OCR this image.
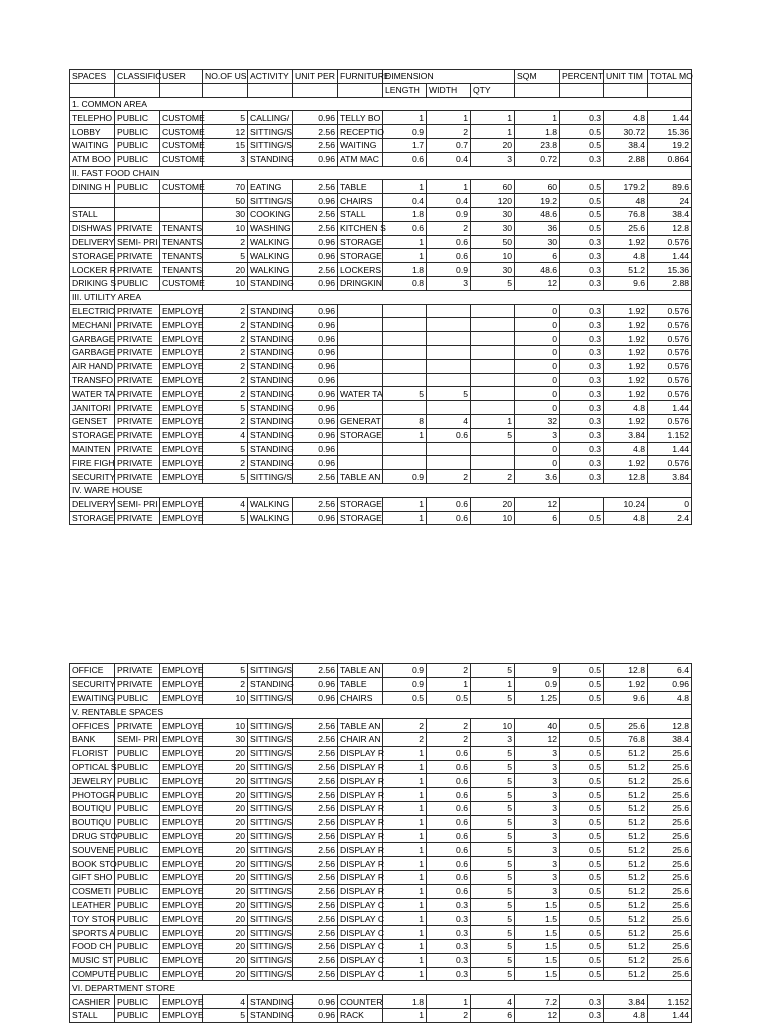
SPACES	CLASSIFIC	USER	NO.OF US	ACTIVITY	UNIT PER	FURNITURE	DIMENSION			SQM	PERCENT	UNIT TIM	TOTAL MO
							LENGTH	WIDTH	QTY				
1. COMMON AREA													
TELEPHO	PUBLIC	CUSTOME	5	CALLING/	0.96	TELLY BO	1	1	1	1	0.3	4.8	1.44
LOBBY	PUBLIC	CUSTOME	12	SITTING/S	2.56	RECEPTIO	0.9	2	1	1.8	0.5	30.72	15.36
WAITING	PUBLIC	CUSTOME	15	SITTING/S	2.56	WAITING	1.7	0.7	20	23.8	0.5	38.4	19.2
ATM BOO	PUBLIC	CUSTOME	3	STANDING	0.96	ATM MAC	0.6	0.4	3	0.72	0.3	2.88	0.864
II. FAST FOOD CHAIN													
DINING H	PUBLIC	CUSTOME	70	EATING	2.56	TABLE	1	1	60	60	0.5	179.2	89.6
			50	SITTING/S	0.96	CHAIRS	0.4	0.4	120	19.2	0.5	48	24
STALL			30	COOKING	2.56	STALL	1.8	0.9	30	48.6	0.5	76.8	38.4
DISHWAS	PRIVATE	TENANTS	10	WASHING	2.56	KITCHEN S	0.6	2	30	36	0.5	25.6	12.8
DELIVERY	SEMI- PRI	TENANTS	2	WALKING	0.96	STORAGE	1	0.6	50	30	0.3	1.92	0.576
STORAGE	PRIVATE	TENANTS	5	WALKING	0.96	STORAGE	1	0.6	10	6	0.3	4.8	1.44
LOCKER R	PRIVATE	TENANTS	20	WALKING	2.56	LOCKERS	1.8	0.9	30	48.6	0.3	51.2	15.36
DRIKING S	PUBLIC	CUSTOME	10	STANDING	0.96	DRINGKIN	0.8	3	5	12	0.3	9.6	2.88
III. UTILITY AREA													
ELECTRIC	PRIVATE	EMPLOYE	2	STANDING	0.96					0	0.3	1.92	0.576
MECHANI	PRIVATE	EMPLOYE	2	STANDING	0.96					0	0.3	1.92	0.576
GARBAGE	PRIVATE	EMPLOYE	2	STANDING	0.96					0	0.3	1.92	0.576
GARBAGE	PRIVATE	EMPLOYE	2	STANDING	0.96					0	0.3	1.92	0.576
AIR HAND	PRIVATE	EMPLOYE	2	STANDING	0.96					0	0.3	1.92	0.576
TRANSFO	PRIVATE	EMPLOYE	2	STANDING	0.96					0	0.3	1.92	0.576
WATER TA	PRIVATE	EMPLOYE	2	STANDING	0.96	WATER TA	5	5		0	0.3	1.92	0.576
JANITORI	PRIVATE	EMPLOYE	5	STANDING	0.96					0	0.3	4.8	1.44
GENSET	PRIVATE	EMPLOYE	2	STANDING	0.96	GENERAT	8	4	1	32	0.3	1.92	0.576
STORAGE	PRIVATE	EMPLOYE	4	STANDING	0.96	STORAGE	1	0.6	5	3	0.3	3.84	1.152
MAINTEN	PRIVATE	EMPLOYE	5	STANDING	0.96					0	0.3	4.8	1.44
FIRE FIGH	PRIVATE	EMPLOYE	2	STANDING	0.96					0	0.3	1.92	0.576
SECURITY	PRIVATE	EMPLOYE	5	SITTING/S	2.56	TABLE AN	0.9	2	2	3.6	0.3	12.8	3.84
IV. WARE HOUSE													
DELIVERY	SEMI- PRI	EMPLOYE	4	WALKING	2.56	STORAGE	1	0.6	20	12		10.24	0
STORAGE	PRIVATE	EMPLOYE	5	WALKING	0.96	STORAGE	1	0.6	10	6	0.5	4.8	2.4
OFFICE	PRIVATE	EMPLOYE	5	SITTING/S	2.56	TABLE AN	0.9	2	5	9	0.5	12.8	6.4
SECURITY	PRIVATE	EMPLOYE	2	STANDING	0.96	TABLE	0.9	1	1	0.9	0.5	1.92	0.96
EWAITING	PUBLIC	EMPLOYE	10	SITTING/S	0.96	CHAIRS	0.5	0.5	5	1.25	0.5	9.6	4.8
V. RENTABLE SPACES													
OFFICES	PRIVATE	EMPLOYE	10	SITTING/S	2.56	TABLE AN	2	2	10	40	0.5	25.6	12.8
BANK	SEMI- PRI	EMPLOYE	30	SITTING/S	2.56	CHAIR AN	2	2	3	12	0.5	76.8	38.4
FLORIST	PUBLIC	EMPLOYE	20	SITTING/S	2.56	DISPLAY R	1	0.6	5	3	0.5	51.2	25.6
OPTICAL S	PUBLIC	EMPLOYE	20	SITTING/S	2.56	DISPLAY R	1	0.6	5	3	0.5	51.2	25.6
JEWELRY	PUBLIC	EMPLOYE	20	SITTING/S	2.56	DISPLAY R	1	0.6	5	3	0.5	51.2	25.6
PHOTOGR	PUBLIC	EMPLOYE	20	SITTING/S	2.56	DISPLAY R	1	0.6	5	3	0.5	51.2	25.6
BOUTIQU	PUBLIC	EMPLOYE	20	SITTING/S	2.56	DISPLAY R	1	0.6	5	3	0.5	51.2	25.6
BOUTIQU	PUBLIC	EMPLOYE	20	SITTING/S	2.56	DISPLAY R	1	0.6	5	3	0.5	51.2	25.6
DRUG STO	PUBLIC	EMPLOYE	20	SITTING/S	2.56	DISPLAY R	1	0.6	5	3	0.5	51.2	25.6
SOUVENE	PUBLIC	EMPLOYE	20	SITTING/S	2.56	DISPLAY R	1	0.6	5	3	0.5	51.2	25.6
BOOK STO	PUBLIC	EMPLOYE	20	SITTING/S	2.56	DISPLAY R	1	0.6	5	3	0.5	51.2	25.6
GIFT SHO	PUBLIC	EMPLOYE	20	SITTING/S	2.56	DISPLAY R	1	0.6	5	3	0.5	51.2	25.6
COSMETI	PUBLIC	EMPLOYE	20	SITTING/S	2.56	DISPLAY R	1	0.6	5	3	0.5	51.2	25.6
LEATHER	PUBLIC	EMPLOYE	20	SITTING/S	2.56	DISPLAY C	1	0.3	5	1.5	0.5	51.2	25.6
TOY STOR	PUBLIC	EMPLOYE	20	SITTING/S	2.56	DISPLAY C	1	0.3	5	1.5	0.5	51.2	25.6
SPORTS A	PUBLIC	EMPLOYE	20	SITTING/S	2.56	DISPLAY C	1	0.3	5	1.5	0.5	51.2	25.6
FOOD CH	PUBLIC	EMPLOYE	20	SITTING/S	2.56	DISPLAY C	1	0.3	5	1.5	0.5	51.2	25.6
MUSIC ST	PUBLIC	EMPLOYE	20	SITTING/S	2.56	DISPLAY C	1	0.3	5	1.5	0.5	51.2	25.6
COMPUTE	PUBLIC	EMPLOYE	20	SITTING/S	2.56	DISPLAY C	1	0.3	5	1.5	0.5	51.2	25.6
VI. DEPARTMENT STORE													
CASHIER	PUBLIC	EMPLOYE	4	STANDING	0.96	COUNTER	1.8	1	4	7.2	0.3	3.84	1.152
STALL	PUBLIC	EMPLOYE	5	STANDING	0.96	RACK	1	2	6	12	0.3	4.8	1.44
